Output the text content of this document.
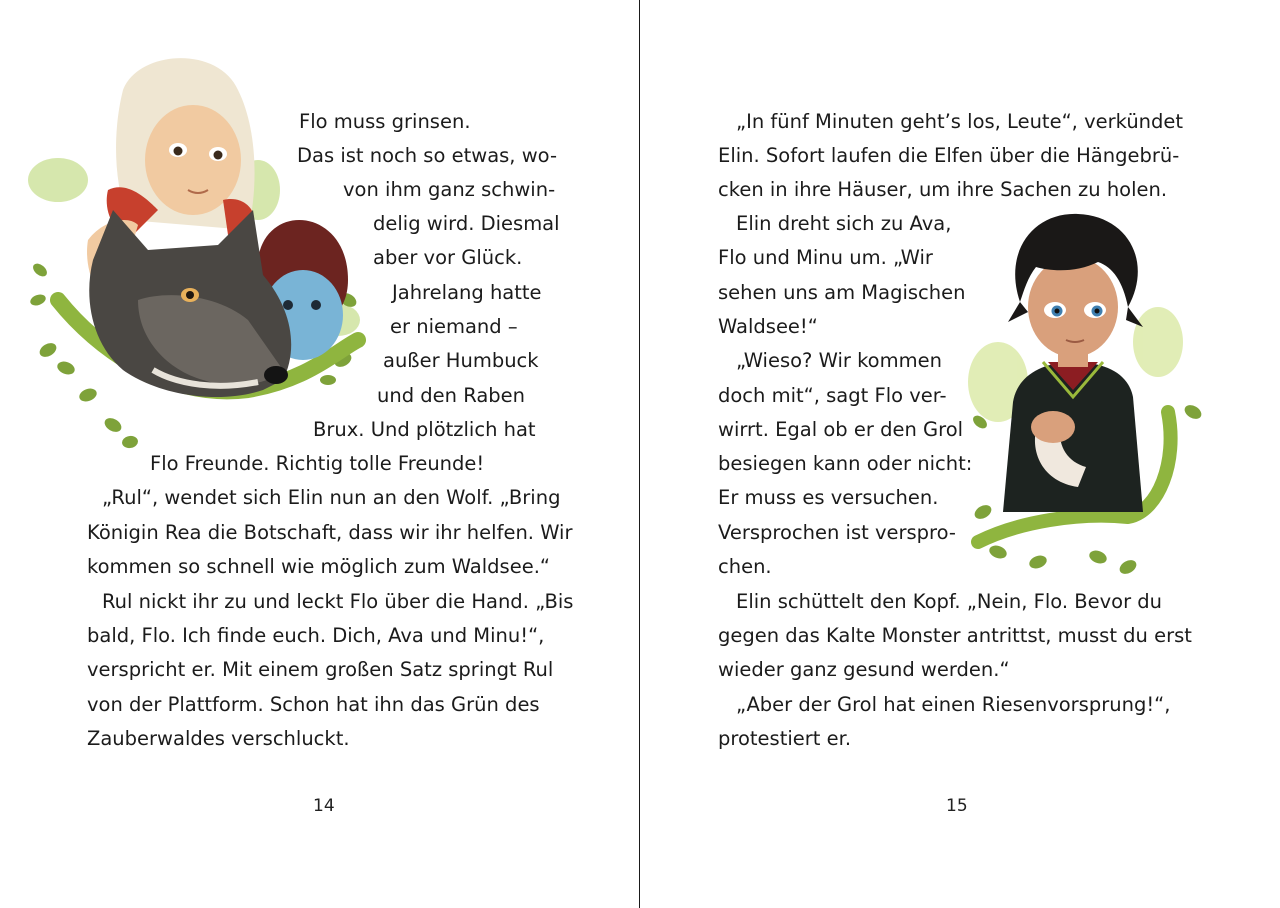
Flo muss grinsen.
Das ist noch so etwas, wo-
von ihm ganz schwin-
delig wird. Diesmal
aber vor Glück.
Jahrelang hatte
er niemand –
außer Humbuck
und den Raben
Brux. Und plötzlich hat
Flo Freunde. Richtig tolle Freunde!
„Rul“, wendet sich Elin nun an den Wolf. „Bring
Königin Rea die Botschaft, dass wir ihr helfen. Wir
kommen so schnell wie möglich zum Waldsee.“
Rul nickt ihr zu und leckt Flo über die Hand. „Bis
bald, Flo. Ich finde euch. Dich, Ava und Minu!“,
verspricht er. Mit einem großen Satz springt Rul
von der Plattform. Schon hat ihn das Grün des
Zauberwaldes verschluckt.
14
„In fünf Minuten geht’s los, Leute“, verkündet
Elin. Sofort laufen die Elfen über die Hängebrü-
cken in ihre Häuser, um ihre Sachen zu holen.
Elin dreht sich zu Ava,
Flo und Minu um. „Wir
sehen uns am Magischen
Waldsee!“
„Wieso? Wir kommen
doch mit“, sagt Flo ver-
wirrt. Egal ob er den Grol
besiegen kann oder nicht:
Er muss es versuchen.
Versprochen ist verspro-
chen.
Elin schüttelt den Kopf. „Nein, Flo. Bevor du
gegen das Kalte Monster antrittst, musst du erst
wieder ganz gesund werden.“
„Aber der Grol hat einen Riesenvorsprung!“,
protestiert er.
15
